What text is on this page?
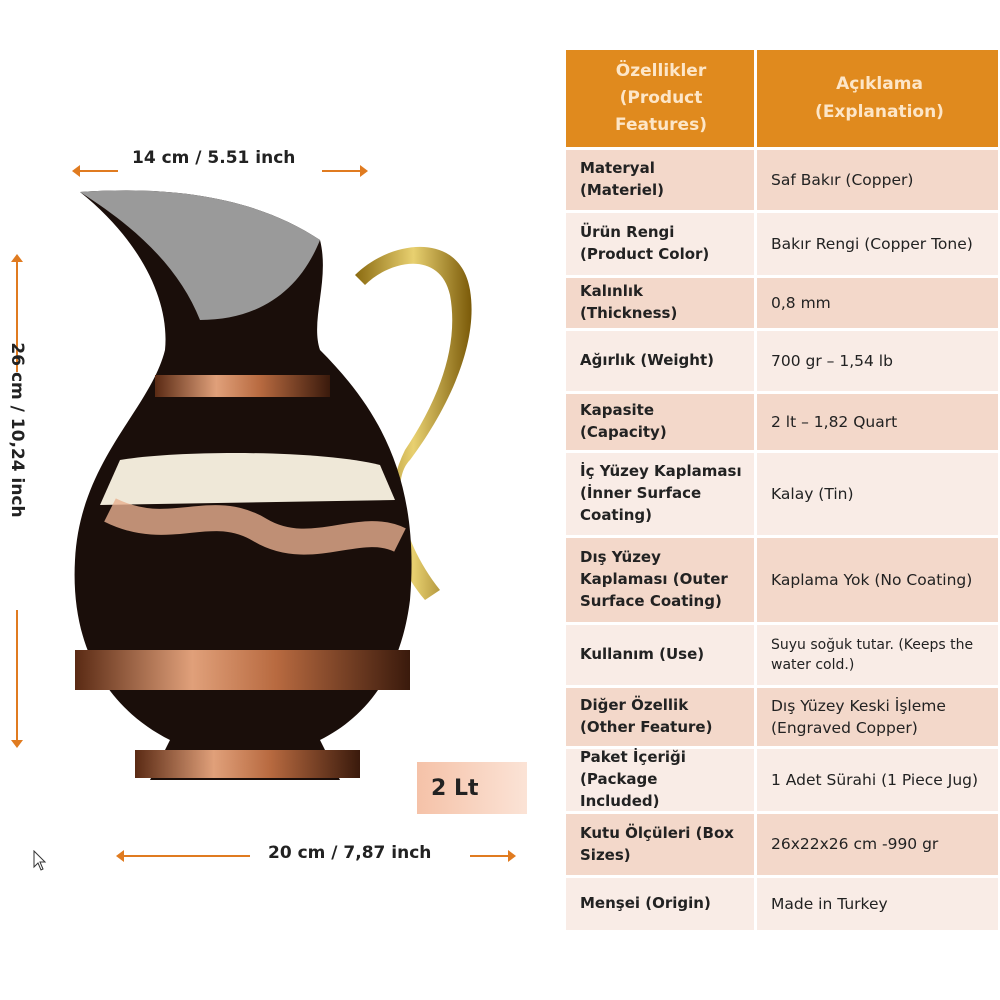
14 cm / 5.51 inch
26 cm / 10,24 inch
20 cm / 7,87 inch
2 Lt
Özellikler (Product Features)
Açıklama (Explanation)
Materyal (Materiel)
Saf Bakır (Copper)
Ürün Rengi (Product Color)
Bakır Rengi (Copper Tone)
Kalınlık (Thickness)
0,8 mm
Ağırlık (Weight)	700 gr – 1,54 lb
Kapasite (Capacity)
2 lt – 1,82 Quart
İç Yüzey Kaplaması (İnner Surface Coating)
Kalay (Tin)
Dış Yüzey Kaplaması (Outer Surface Coating)
Kaplama Yok (No Coating)
Kullanım (Use)
Suyu soğuk tutar. (Keeps the water cold.)
Diğer Özellik (Other Feature)
Dış Yüzey Keski İşleme (Engraved Copper)
Paket İçeriği (Package Included)
1 Adet Sürahi (1 Piece Jug)
Kutu Ölçüleri (Box Sizes)
26x22x26 cm -990 gr
Menşei (Origin)	Made in Turkey
